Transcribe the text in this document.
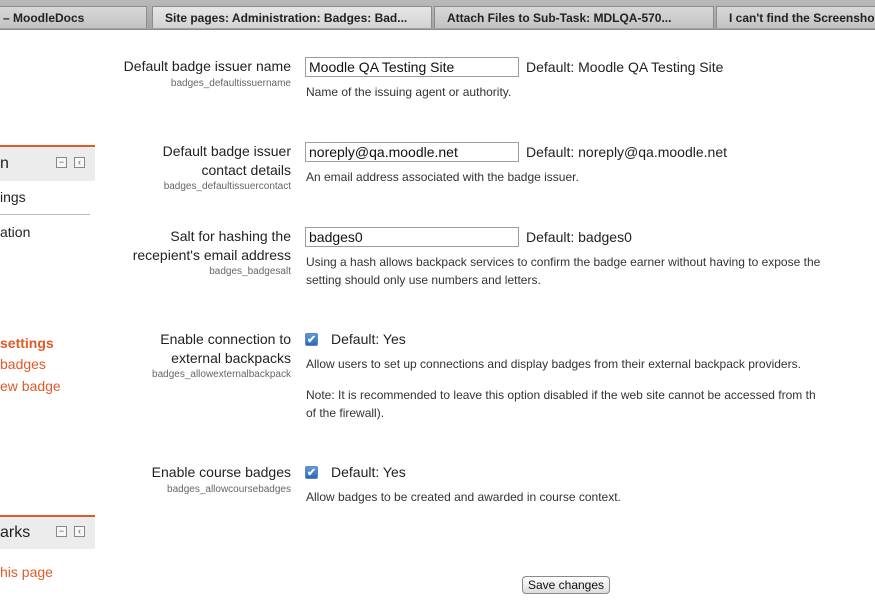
– MoodleDocs	Site pages: Administration: Badges: Bad...	Attach Files to Sub-Task: MDLQA-570...	I can't find the Screensho
n	−	‹
ings
ation
settings
badges
ew badge
arks	−	‹
his page
Default badge issuer name
badges_defaultissuername
Moodle QA Testing Site
Default: Moodle QA Testing Site
Name of the issuing agent or authority.
Default badge issuer
contact details
badges_defaultissuercontact
noreply@qa.moodle.net
Default: noreply@qa.moodle.net
An email address associated with the badge issuer.
Salt for hashing the
recepient's email address
badges_badgesalt
badges0
Default: badges0
Using a hash allows backpack services to confirm the badge earner without having to expose the
setting should only use numbers and letters.
Enable connection to
external backpacks
badges_allowexternalbackpack
✔ Default: Yes
Allow users to set up connections and display badges from their external backpack providers.
Note: It is recommended to leave this option disabled if the web site cannot be accessed from th
of the firewall).
Enable course badges
badges_allowcoursebadges
✔ Default: Yes
Allow badges to be created and awarded in course context.
Save changes
